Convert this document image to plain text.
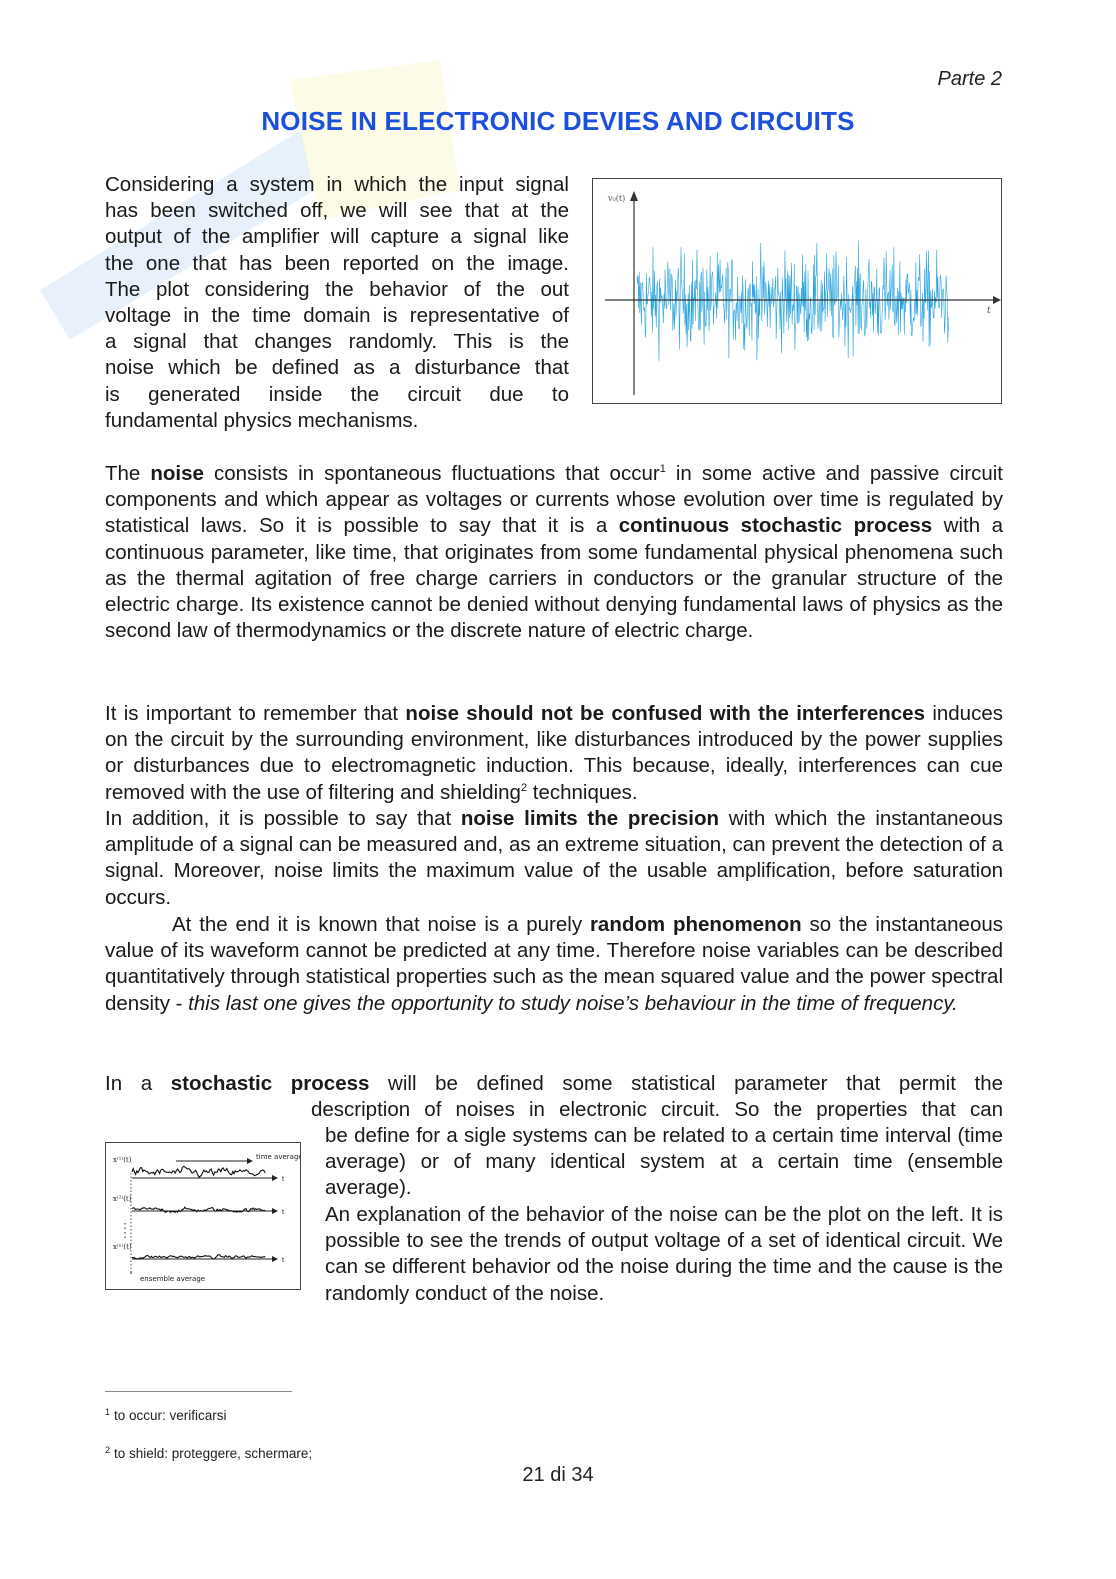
Parte 2
NOISE IN ELECTRONIC DEVIES AND CIRCUITS
Considering a system in which the input signal
has been switched off, we will see that at the
output of the amplifier will capture a signal like
the one that has been reported on the image.
The plot considering the behavior of the out
voltage in the time domain is representative of
a signal that changes randomly. This is the
noise which be defined as a disturbance that
is generated inside the circuit due to
fundamental physics mechanisms.
v₀(t)
t
The noise consists in spontaneous fluctuations that occur$^1$ in some active and passive circuit components and which appear as voltages or currents whose evolution over time is regulated by statistical laws. So it is possible to say that it is a continuous stochastic process with a continuous parameter, like time, that originates from some fundamental physical phenomena such as the thermal agitation of free charge carriers in conductors or the granular structure of the electric charge. Its existence cannot be denied without denying fundamental laws of physics as the second law of thermodynamics or the discrete nature of electric charge.
It is important to remember that noise should not be confused with the interferences induces on the circuit by the surrounding environment, like disturbances introduced by the power supplies or disturbances due to electromagnetic induction. This because, ideally, interferences can cue removed with the use of filtering and shielding$^2$ techniques.
In addition, it is possible to say that noise limits the precision with which the instantaneous amplitude of a signal can be measured and, as an extreme situation, can prevent the detection of a signal. Moreover, noise limits the maximum value of the usable amplification, before saturation occurs.
At the end it is known that noise is a purely random phenomenon so the instantaneous value of its waveform cannot be predicted at any time. Therefore noise variables can be described quantitatively through statistical properties such as the mean squared value and the power spectral density - this last one gives the opportunity to study noise’s behaviour in the time of frequency.
In a stochastic process will be defined some statistical parameter that permit the
description of noises in electronic circuit. So the properties that can
be define for a sigle systems can be related to a certain time interval (time average) or of many identical system at a certain time (ensemble average).
An explanation of the behavior of the noise can be the plot on the left. It is possible to see the trends of output voltage of a set of identical circuit. We can se different behavior od the noise during the time and the cause is the randomly conduct of the noise.
x⁽¹⁾(t)
x⁽²⁾(t)
x⁽ⁿ⁾(t)
time average
ensemble average
t
t
t
$^1$ to occur: verificarsi
$^2$ to shield: proteggere, schermare;
21 di 34
